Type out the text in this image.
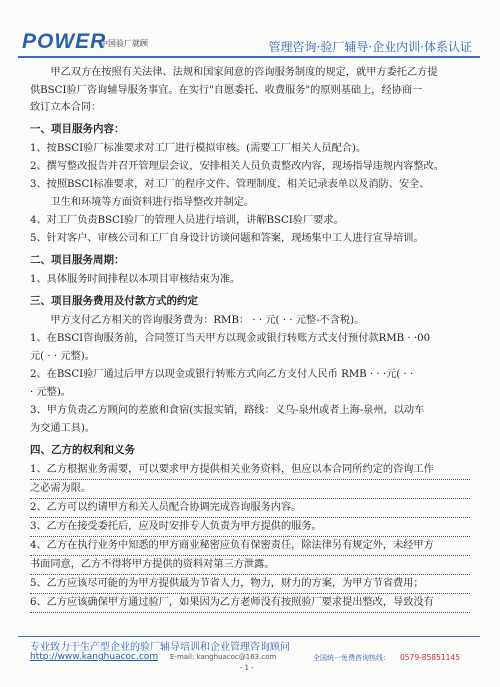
POWER
中国验厂就顾	管理咨询·验厂辅导·企业内训·体系认证

甲乙双方在按照有关法律、法规和国家间意的咨询服务制度的规定，就甲方委托乙方提

供BSCI验厂咨询辅导服务事宜。在实行"自愿委托、收费服务"的原则基础上，经协商一

致订立本合同：

一、项目服务内容：
1、按BSCI验厂标准要求对工厂进行模拟审核。(需要工厂相关人员配合)。
2、撰写整改报告并召开管理层会议，安排相关人员负责整改内容，现场指导违规内容整改。
3、按照BSCI标准要求，对工厂的程序文件、管理制度、相关记录表单以及消防、安全、
卫生和环境等方面资料进行指导整改并制定。
4、对工厂负责BSCI验厂的管理人员进行培训，讲解BSCI验厂要求。
5、针对客户、审核公司和工厂自身设计访谈问题和答案，现场集中工人进行宣导培训。
二、项目服务周期：
1、具体服务时间排程以本项目审核结束为准。
三、项目服务费用及付款方式的约定
甲方支付乙方相关的咨询服务费为：RMB： · · 元( · · 元整-不含税)。
1、在BSCI咨询服务前，合同签订当天甲方以现金或银行转账方式支付预付款RMB · ·00
元( · · 元整)。
2、在BSCI验厂通过后甲方以现金或银行转账方式向乙方支付人民币 RMB · · ·元( · ·
· 元整)。
3、甲方负责乙方顾问的差旅和食宿(实报实销，路线：义乌-泉州或者上海-泉州，以动车
为交通工具)。
四、乙方的权利和义务
1、乙方根据业务需要，可以要求甲方提供相关业务资料，但应以本合同所约定的咨询工作
之必需为限。
2、乙方可以约请甲方和关人员配合协调完成咨询服务内容。
3、乙方在接受委托后，应及时安排专人负责为甲方提供的服务。
4、乙方在执行业务中知悉的甲方商业秘密应负有保密责任，除法律另有规定外，未经甲方
书面同意，乙方不得将甲方提供的资料对第三方泄露。
5、乙方应该尽可能的为甲方提供最为节省人力，物力，财力的方案，为甲方节省费用；
6、乙方应该确保甲方通过验厂，如果因为乙方老师没有按照验厂要求提出整改，导致没有
专业致力于生产型企业的验厂辅导培训和企业管理咨询顾问
http://www.kanghuacoc.com E-mail: kanghuacoc@163.com	全国统一免费咨询热线： 0579-85851145
- 1 -
